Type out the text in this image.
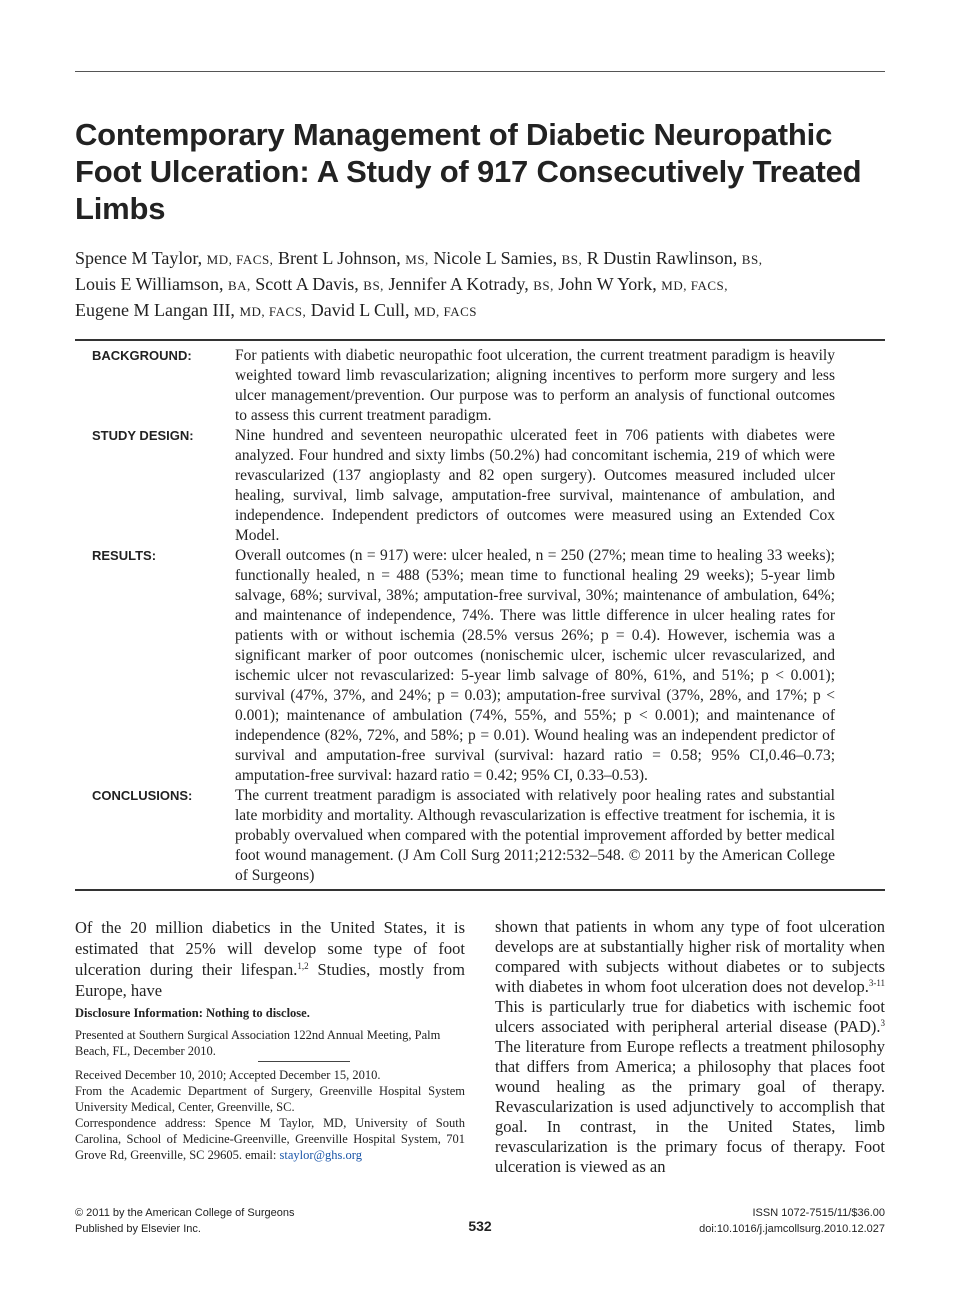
Contemporary Management of Diabetic Neuropathic Foot Ulceration: A Study of 917 Consecutively Treated Limbs
Spence M Taylor, MD, FACS, Brent L Johnson, MS, Nicole L Samies, BS, R Dustin Rawlinson, BS,
Louis E Williamson, BA, Scott A Davis, BS, Jennifer A Kotrady, BS, John W York, MD, FACS,
Eugene M Langan III, MD, FACS, David L Cull, MD, FACS
BACKGROUND:	For patients with diabetic neuropathic foot ulceration, the current treatment paradigm is heavily weighted toward limb revascularization; aligning incentives to perform more surgery and less ulcer management/prevention. Our purpose was to perform an analysis of functional outcomes to assess this current treatment paradigm.
STUDY DESIGN:	Nine hundred and seventeen neuropathic ulcerated feet in 706 patients with diabetes were analyzed. Four hundred and sixty limbs (50.2%) had concomitant ischemia, 219 of which were revascularized (137 angioplasty and 82 open surgery). Outcomes measured included ulcer healing, survival, limb salvage, amputation-free survival, maintenance of ambulation, and independence. Independent predictors of outcomes were measured using an Extended Cox Model.
RESULTS:	Overall outcomes (n = 917) were: ulcer healed, n = 250 (27%; mean time to healing 33 weeks); functionally healed, n = 488 (53%; mean time to functional healing 29 weeks); 5-year limb salvage, 68%; survival, 38%; amputation-free survival, 30%; maintenance of ambulation, 64%; and maintenance of independence, 74%. There was little difference in ulcer healing rates for patients with or without ischemia (28.5% versus 26%; p = 0.4). However, ischemia was a significant marker of poor outcomes (nonischemic ulcer, ischemic ulcer revascularized, and ischemic ulcer not revascularized: 5-year limb salvage of 80%, 61%, and 51%; p < 0.001); survival (47%, 37%, and 24%; p = 0.03); amputation-free survival (37%, 28%, and 17%; p < 0.001); maintenance of ambulation (74%, 55%, and 55%; p < 0.001); and maintenance of independence (82%, 72%, and 58%; p = 0.01). Wound healing was an independent predictor of survival and amputation-free survival (survival: hazard ratio = 0.58; 95% CI,0.46–0.73; amputation-free survival: hazard ratio = 0.42; 95% CI, 0.33–0.53).
CONCLUSIONS:	The current treatment paradigm is associated with relatively poor healing rates and substantial late morbidity and mortality. Although revascularization is effective treatment for ischemia, it is probably overvalued when compared with the potential improvement afforded by better medical foot wound management. (J Am Coll Surg 2011;212:532–548. © 2011 by the American College of Surgeons)
Of the 20 million diabetics in the United States, it is estimated that 25% will develop some type of foot ulceration during their lifespan.$^{1,2}$ Studies, mostly from Europe, have
Disclosure Information: Nothing to disclose.
Presented at Southern Surgical Association 122nd Annual Meeting, Palm Beach, FL, December 2010.
Received December 10, 2010; Accepted December 15, 2010.
From the Academic Department of Surgery, Greenville Hospital System University Medical, Center, Greenville, SC.
Correspondence address: Spence M Taylor, MD, University of South Carolina, School of Medicine-Greenville, Greenville Hospital System, 701 Grove Rd, Greenville, SC 29605. email: staylor@ghs.org
shown that patients in whom any type of foot ulceration develops are at substantially higher risk of mortality when compared with subjects without diabetes or to subjects with diabetes in whom foot ulceration does not develop.$^{3-11}$ This is particularly true for diabetics with ischemic foot ulcers associated with peripheral arterial disease (PAD).$^3$ The literature from Europe reflects a treatment philosophy that differs from America; a philosophy that places foot wound healing as the primary goal of therapy. Revascularization is used adjunctively to accomplish that goal. In contrast, in the United States, limb revascularization is the primary focus of therapy. Foot ulceration is viewed as an
© 2011 by the American College of Surgeons
Published by Elsevier Inc.	532
ISSN 1072-7515/11/$36.00
doi:10.1016/j.jamcollsurg.2010.12.027
